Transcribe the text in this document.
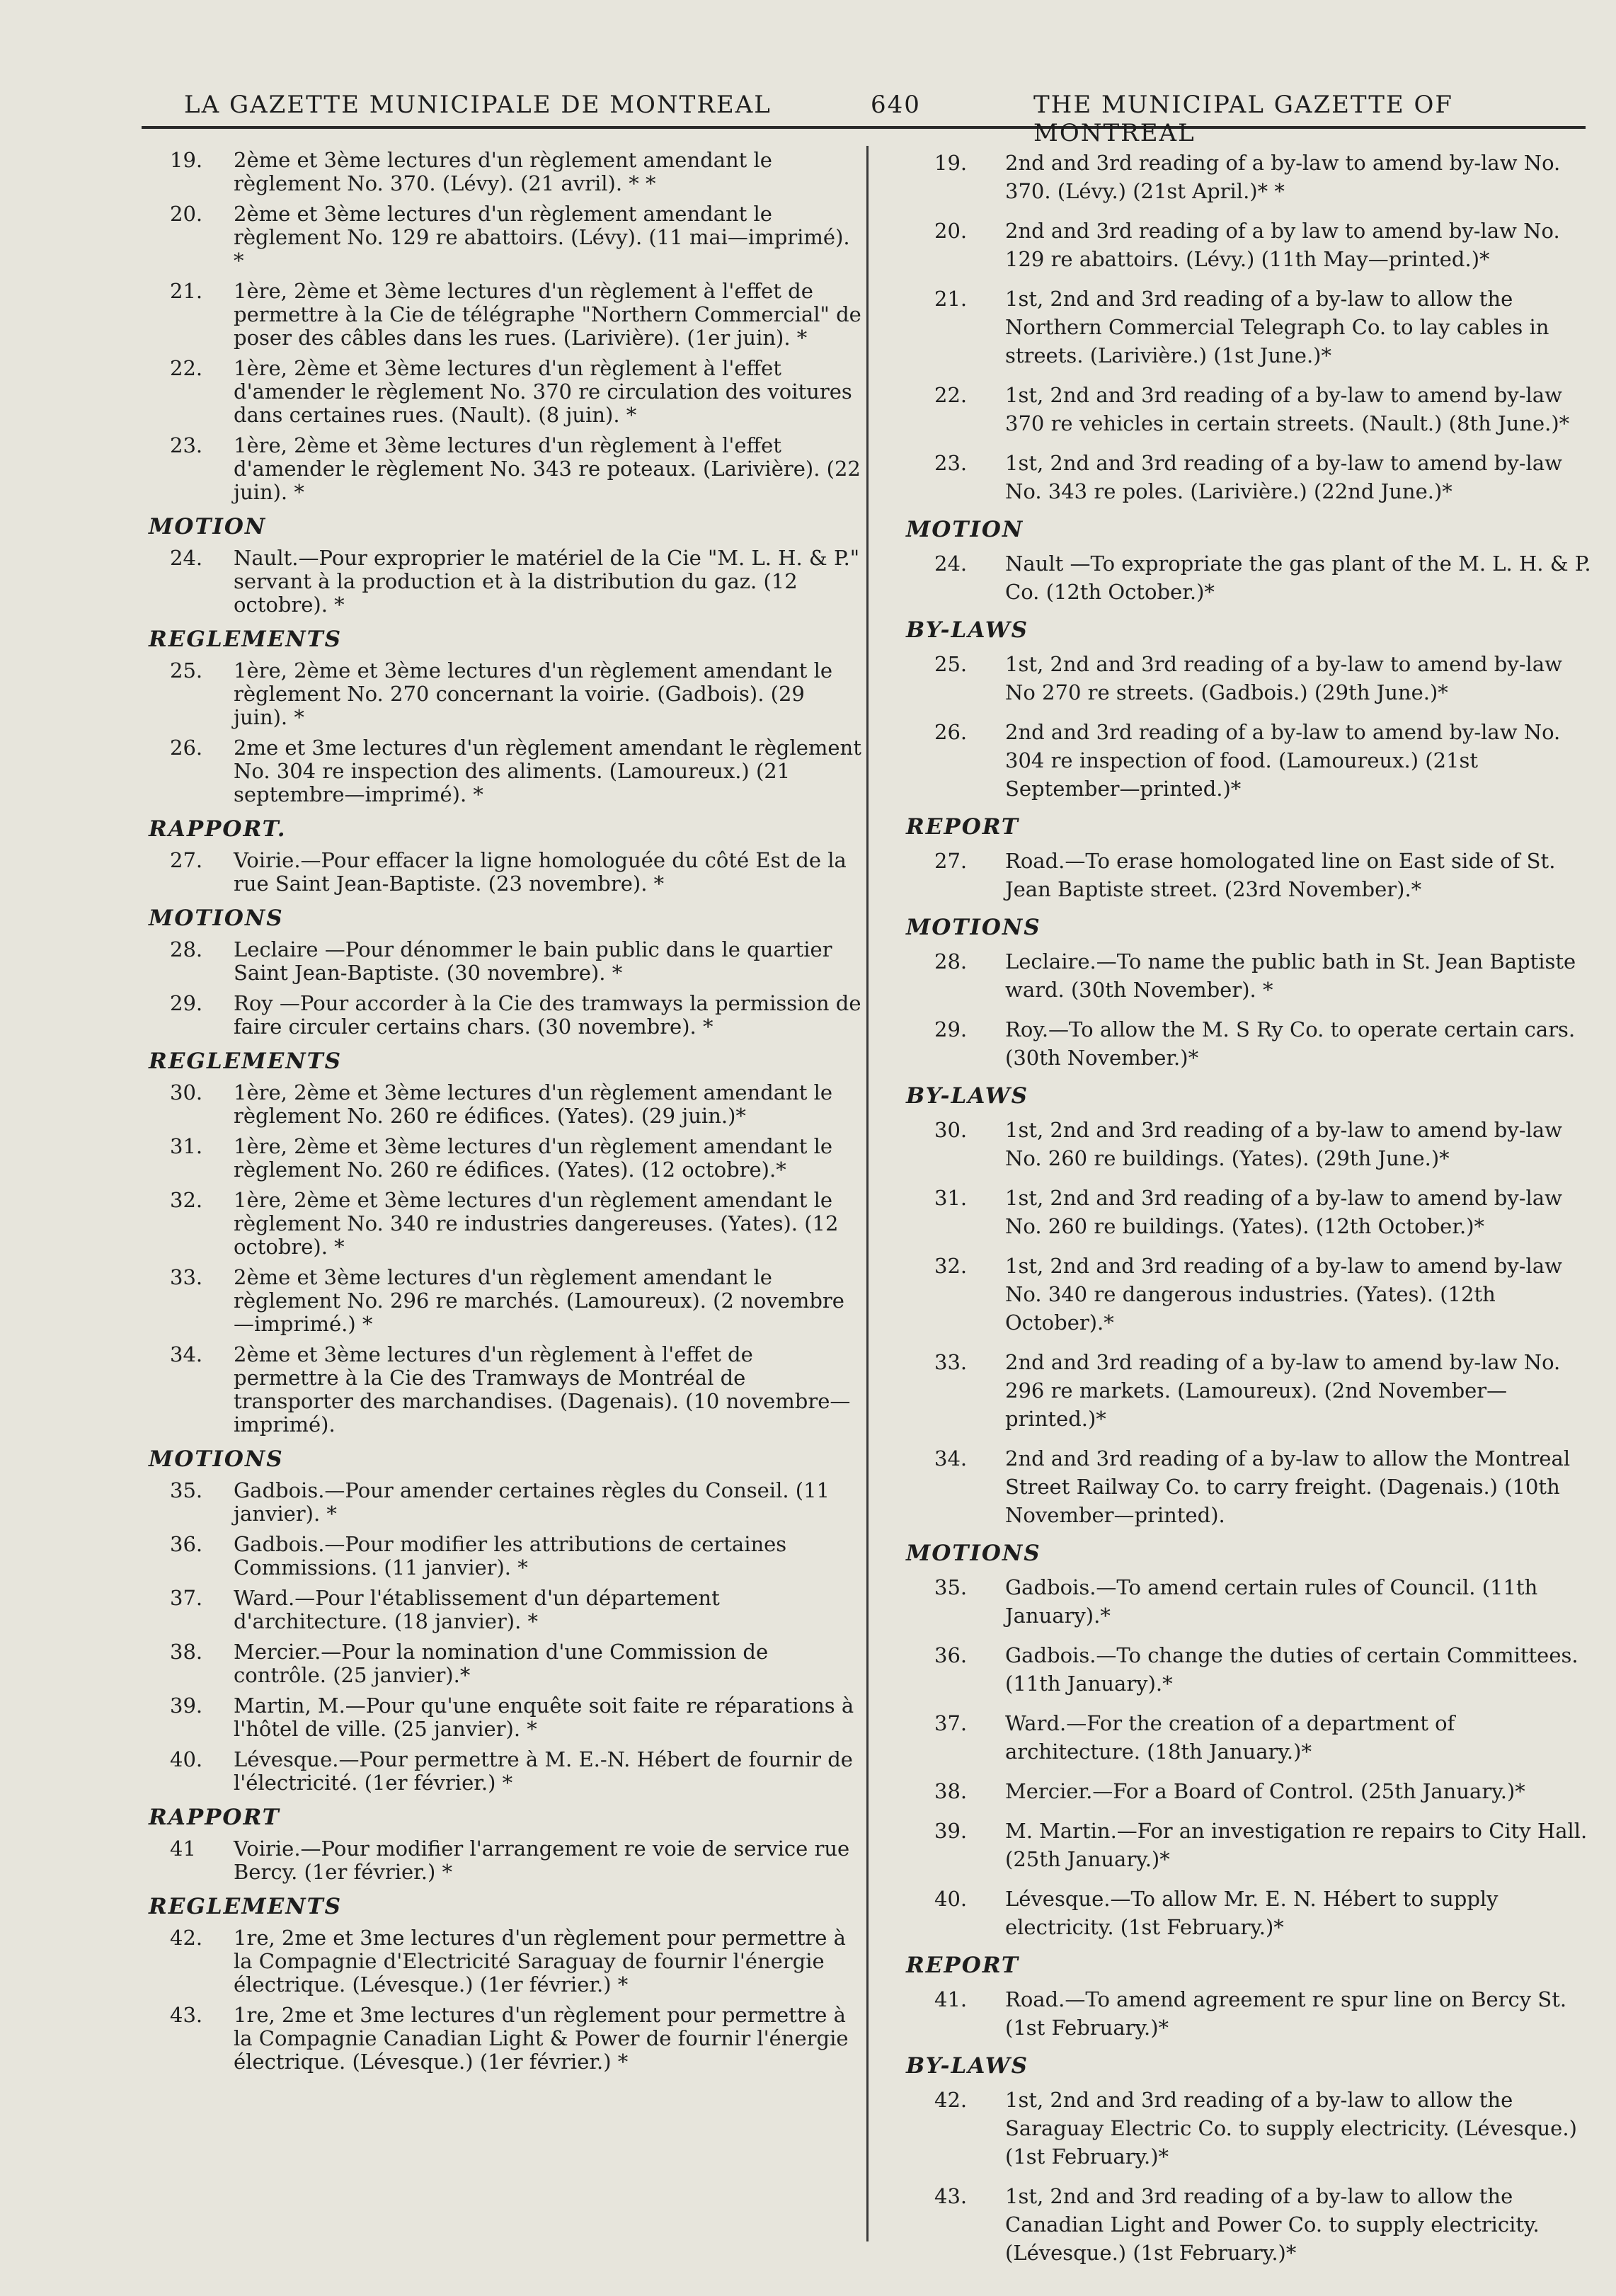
LA GAZETTE MUNICIPALE DE MONTREAL	640	THE MUNICIPAL GAZETTE OF MONTREAL
19. 2ème et 3ème lectures d'un règlement amendant le règlement No. 370. (Lévy). (21 avril). * *
20. 2ème et 3ème lectures d'un règlement amendant le règlement No. 129 re abattoirs. (Lévy). (11 mai—imprimé). *
21. 1ère, 2ème et 3ème lectures d'un règlement à l'effet de permettre à la Cie de télégraphe "Northern Commercial" de poser des câbles dans les rues. (Larivière). (1er juin). *
22. 1ère, 2ème et 3ème lectures d'un règlement à l'effet d'amender le règlement No. 370 re circulation des voitures dans certaines rues. (Nault). (8 juin). *
23. 1ère, 2ème et 3ème lectures d'un règlement à l'effet d'amender le règlement No. 343 re poteaux. (Larivière). (22 juin). *
MOTION
24. Nault.—Pour exproprier le matériel de la Cie "M. L. H. & P." servant à la production et à la distribution du gaz. (12 octobre). *
REGLEMENTS
25. 1ère, 2ème et 3ème lectures d'un règlement amendant le règlement No. 270 concernant la voirie. (Gadbois). (29 juin). *
26. 2me et 3me lectures d'un règlement amendant le règlement No. 304 re inspection des aliments. (Lamoureux.) (21 septembre—imprimé). *
RAPPORT.
27. Voirie.—Pour effacer la ligne homologuée du côté Est de la rue Saint Jean-Baptiste. (23 novembre). *
MOTIONS
28. Leclaire —Pour dénommer le bain public dans le quartier Saint Jean-Baptiste. (30 novembre). *
29. Roy —Pour accorder à la Cie des tramways la permission de faire circuler certains chars. (30 novembre). *
REGLEMENTS
30. 1ère, 2ème et 3ème lectures d'un règlement amendant le règlement No. 260 re édifices. (Yates). (29 juin.)*
31. 1ère, 2ème et 3ème lectures d'un règlement amendant le règlement No. 260 re édifices. (Yates). (12 octobre).*
32. 1ère, 2ème et 3ème lectures d'un règlement amendant le règlement No. 340 re industries dangereuses. (Yates). (12 octobre). *
33. 2ème et 3ème lectures d'un règlement amendant le règlement No. 296 re marchés. (Lamoureux). (2 novembre—imprimé.) *
34. 2ème et 3ème lectures d'un règlement à l'effet de permettre à la Cie des Tramways de Montréal de transporter des marchandises. (Dagenais). (10 novembre—imprimé).
MOTIONS
35. Gadbois.—Pour amender certaines règles du Conseil. (11 janvier). *
36. Gadbois.—Pour modifier les attributions de certaines Commissions. (11 janvier). *
37. Ward.—Pour l'établissement d'un département d'architecture. (18 janvier). *
38. Mercier.—Pour la nomination d'une Commission de contrôle. (25 janvier).*
39. Martin, M.—Pour qu'une enquête soit faite re réparations à l'hôtel de ville. (25 janvier). *
40. Lévesque.—Pour permettre à M. E.-N. Hébert de fournir de l'électricité. (1er février.) *
RAPPORT
41 Voirie.—Pour modifier l'arrangement re voie de service rue Bercy. (1er février.) *
REGLEMENTS
42. 1re, 2me et 3me lectures d'un règlement pour permettre à la Compagnie d'Electricité Saraguay de fournir l'énergie électrique. (Lévesque.) (1er février.) *
43. 1re, 2me et 3me lectures d'un règlement pour permettre à la Compagnie Canadian Light & Power de fournir l'énergie électrique. (Lévesque.) (1er février.) *
19. 2nd and 3rd reading of a by-law to amend by-law No. 370. (Lévy.) (21st April.)* *
20. 2nd and 3rd reading of a by law to amend by-law No. 129 re abattoirs. (Lévy.) (11th May—printed.)*
21. 1st, 2nd and 3rd reading of a by-law to allow the Northern Commercial Telegraph Co. to lay cables in streets. (Larivière.) (1st June.)*
22. 1st, 2nd and 3rd reading of a by-law to amend by-law 370 re vehicles in certain streets. (Nault.) (8th June.)*
23. 1st, 2nd and 3rd reading of a by-law to amend by-law No. 343 re poles. (Larivière.) (22nd June.)*
MOTION
24. Nault —To expropriate the gas plant of the M. L. H. & P. Co. (12th October.)*
BY-LAWS
25. 1st, 2nd and 3rd reading of a by-law to amend by-law No 270 re streets. (Gadbois.) (29th June.)*
26. 2nd and 3rd reading of a by-law to amend by-law No. 304 re inspection of food. (Lamoureux.) (21st September—printed.)*
REPORT
27. Road.—To erase homologated line on East side of St. Jean Baptiste street. (23rd November).*
MOTIONS
28. Leclaire.—To name the public bath in St. Jean Baptiste ward. (30th November). *
29. Roy.—To allow the M. S Ry Co. to operate certain cars. (30th November.)*
BY-LAWS
30. 1st, 2nd and 3rd reading of a by-law to amend by-law No. 260 re buildings. (Yates). (29th June.)*
31. 1st, 2nd and 3rd reading of a by-law to amend by-law No. 260 re buildings. (Yates). (12th October.)*
32. 1st, 2nd and 3rd reading of a by-law to amend by-law No. 340 re dangerous industries. (Yates). (12th October).*
33. 2nd and 3rd reading of a by-law to amend by-law No. 296 re markets. (Lamoureux). (2nd November—printed.)*
34. 2nd and 3rd reading of a by-law to allow the Montreal Street Railway Co. to carry freight. (Dagenais.) (10th November—printed).
MOTIONS
35. Gadbois.—To amend certain rules of Council. (11th January).*
36. Gadbois.—To change the duties of certain Committees. (11th January).*
37. Ward.—For the creation of a department of architecture. (18th January.)*
38. Mercier.—For a Board of Control. (25th January.)*
39. M. Martin.—For an investigation re repairs to City Hall. (25th January.)*
40. Lévesque.—To allow Mr. E. N. Hébert to supply electricity. (1st February.)*
REPORT
41. Road.—To amend agreement re spur line on Bercy St. (1st February.)*
BY-LAWS
42. 1st, 2nd and 3rd reading of a by-law to allow the Saraguay Electric Co. to supply electricity. (Lévesque.) (1st February.)*
43. 1st, 2nd and 3rd reading of a by-law to allow the Canadian Light and Power Co. to supply electricity. (Lévesque.) (1st February.)*
